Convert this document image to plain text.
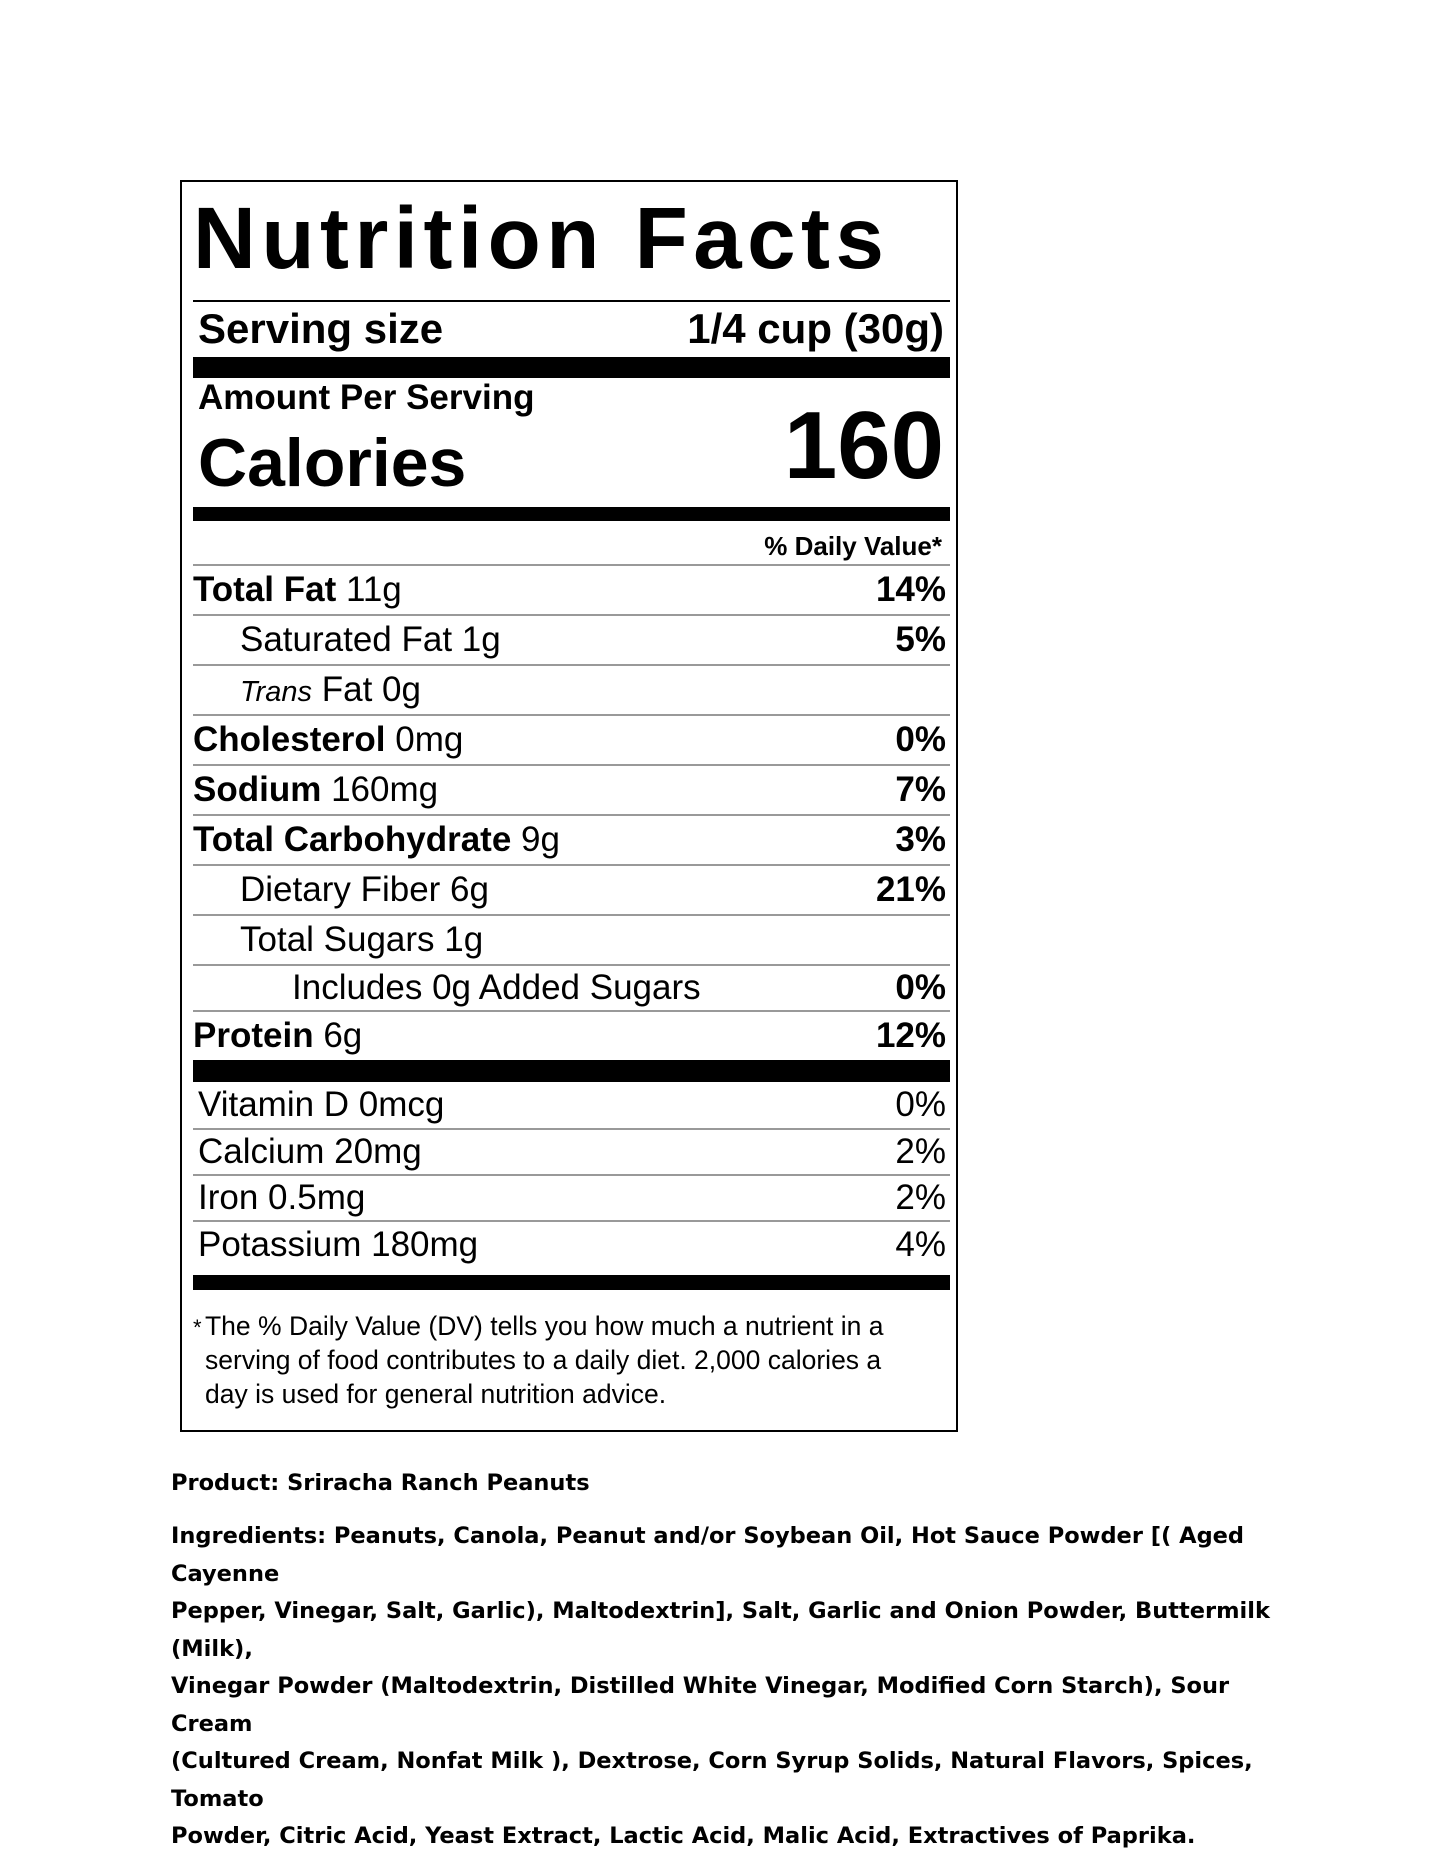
Nutrition Facts
Serving size	1/4 cup (30g)
Amount Per Serving
Calories	160
% Daily Value*
Total Fat 11g	14%
Saturated Fat 1g	5%
Trans Fat 0g
Cholesterol 0mg	0%
Sodium 160mg	7%
Total Carbohydrate 9g	3%
Dietary Fiber 6g	21%
Total Sugars 1g
Includes 0g Added Sugars	0%
Protein 6g	12%
Vitamin D 0mcg	0%
Calcium 20mg	2%
Iron 0.5mg	2%
Potassium 180mg	4%
* The % Daily Value (DV) tells you how much a nutrient in a
serving of food contributes to a daily diet. 2,000 calories a
day is used for general nutrition advice.
Product: Sriracha Ranch Peanuts
Ingredients: Peanuts, Canola, Peanut and/or Soybean Oil, Hot Sauce Powder [( Aged Cayenne
Pepper, Vinegar, Salt, Garlic), Maltodextrin], Salt, Garlic and Onion Powder, Buttermilk (Milk),
Vinegar Powder (Maltodextrin, Distilled White Vinegar, Modified Corn Starch), Sour Cream
(Cultured Cream, Nonfat Milk ), Dextrose, Corn Syrup Solids, Natural Flavors, Spices, Tomato
Powder, Citric Acid, Yeast Extract, Lactic Acid, Malic Acid, Extractives of Paprika.
